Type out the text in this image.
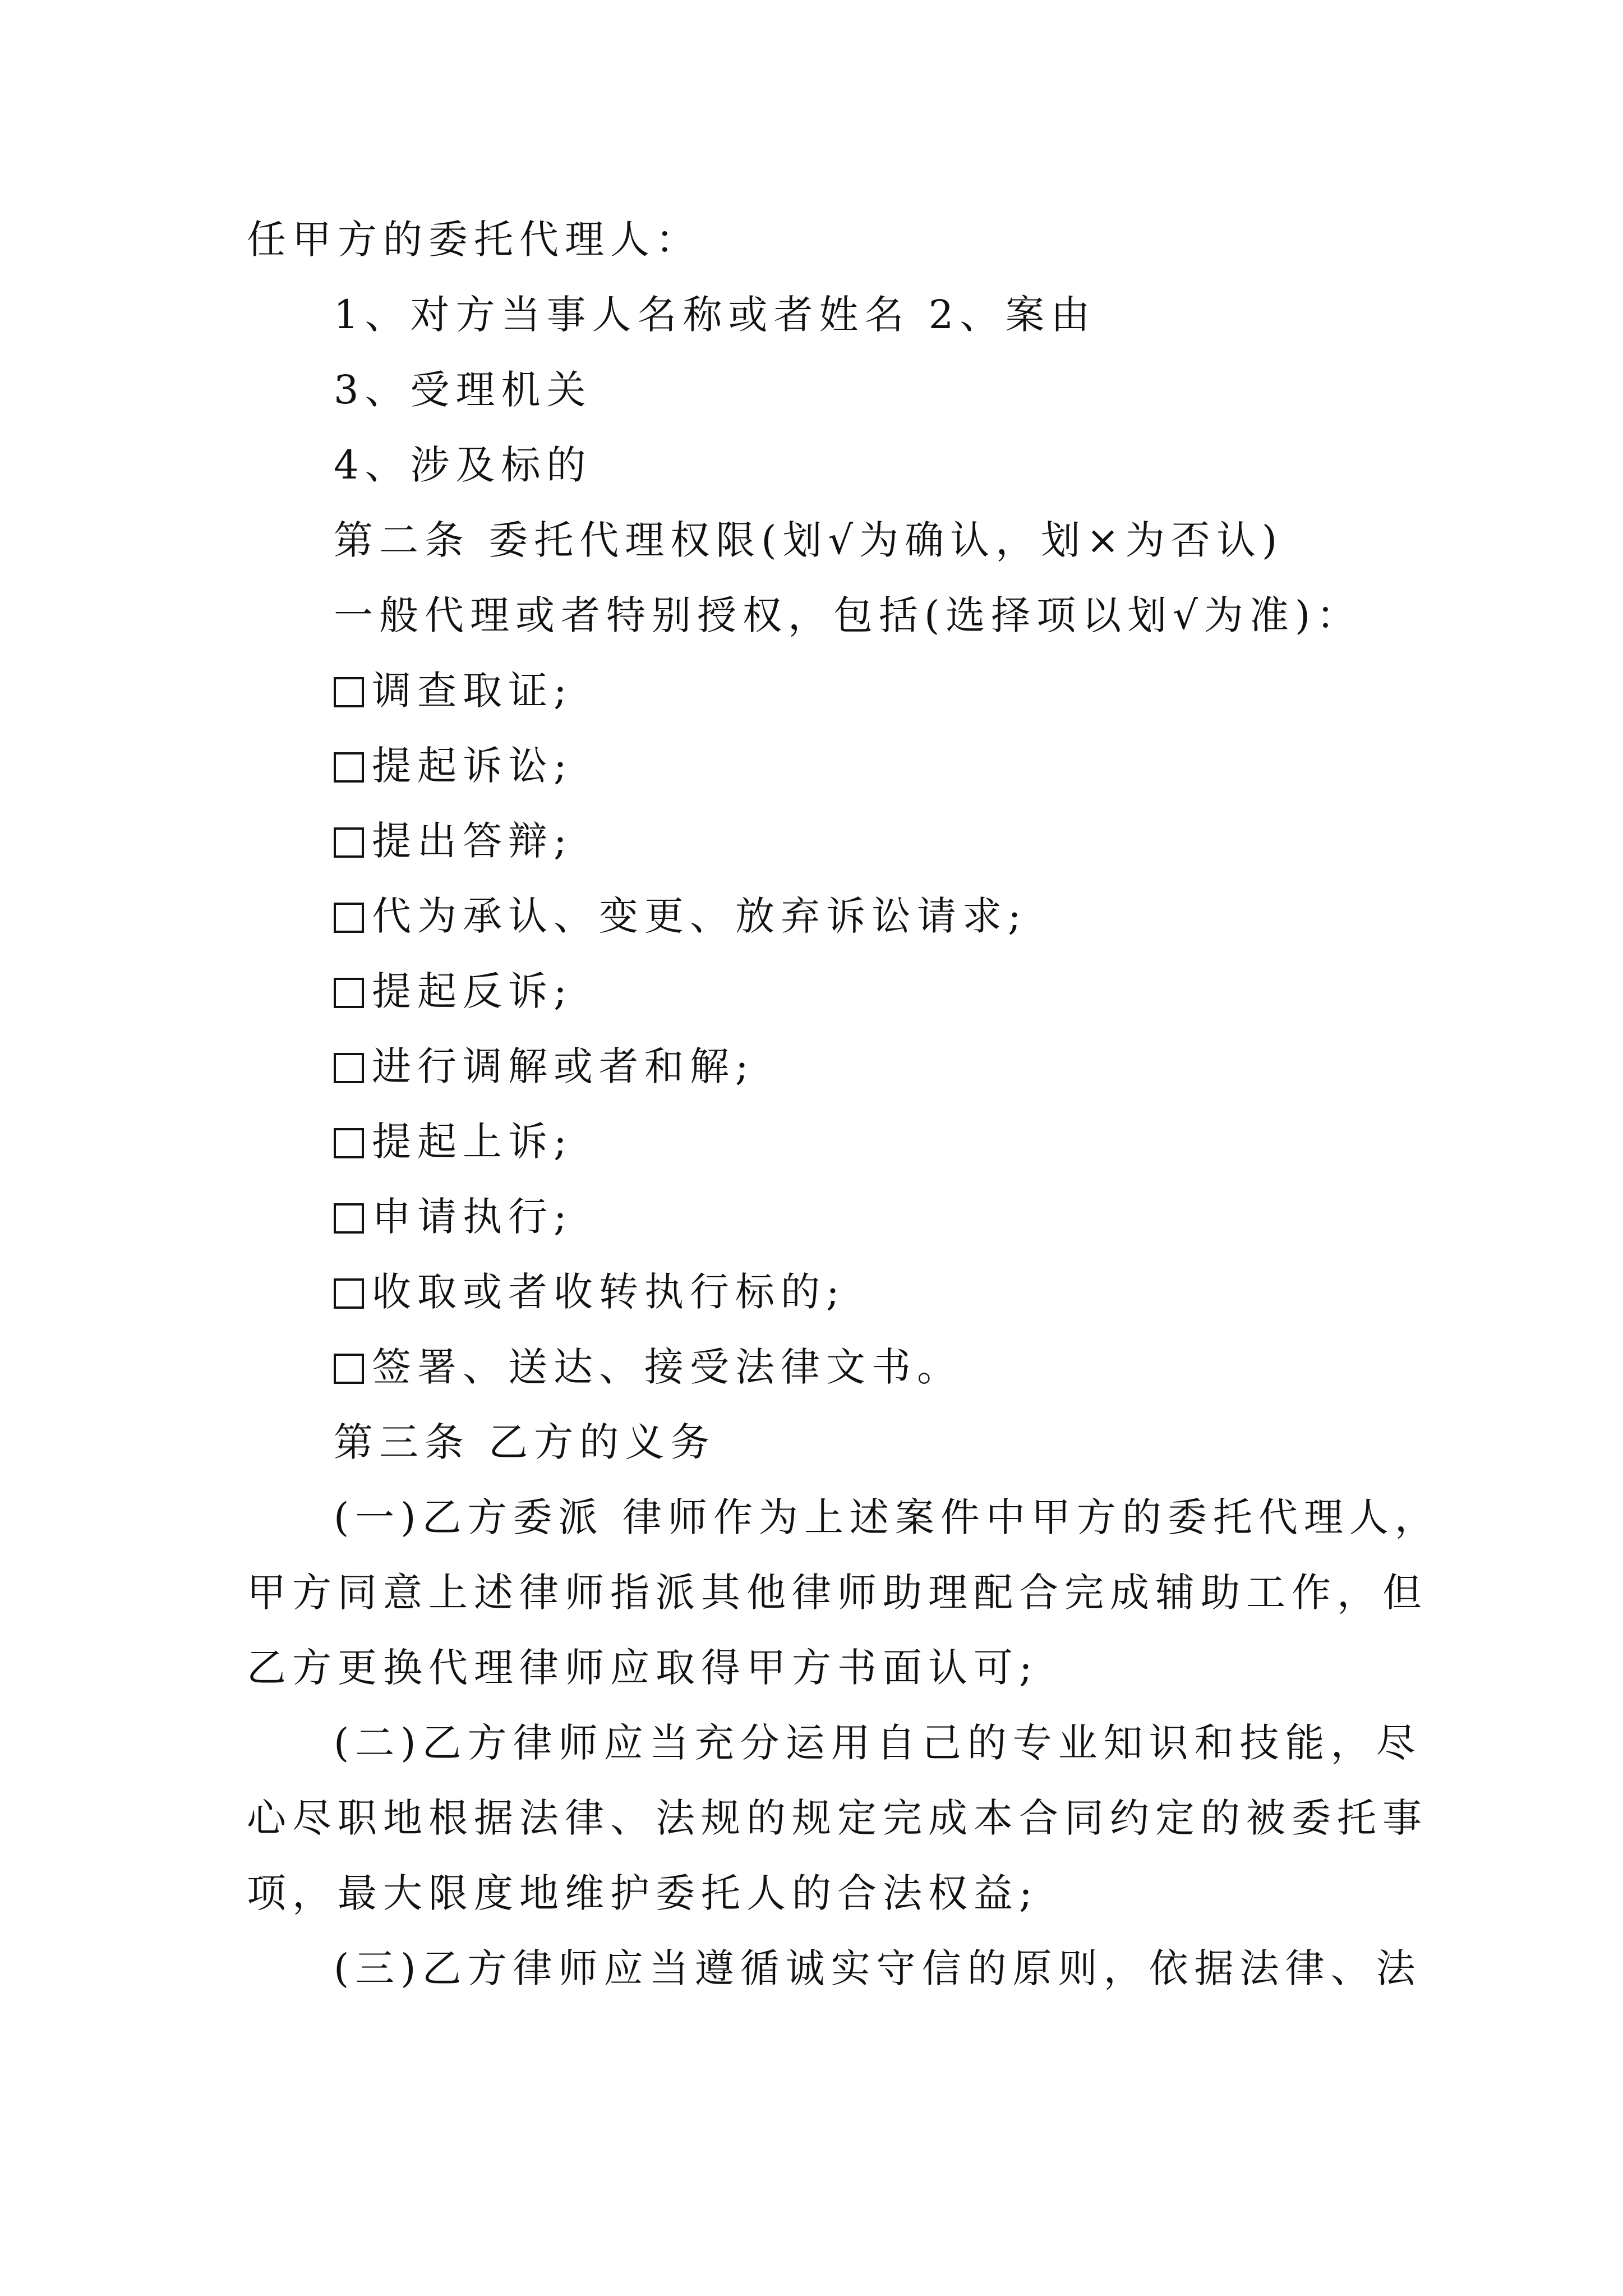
任甲方的委托代理人：
1、对方当事人名称或者姓名 2、案由
3、受理机关
4、涉及标的
第二条 委托代理权限(划√为确认，划×为否认)
一般代理或者特别授权，包括(选择项以划√为准)：
调查取证;
提起诉讼;
提出答辩;
代为承认、变更、放弃诉讼请求;
提起反诉;
进行调解或者和解;
提起上诉;
申请执行;
收取或者收转执行标的;
签署、送达、接受法律文书。
第三条 乙方的义务
(一)乙方委派 律师作为上述案件中甲方的委托代理人，
甲方同意上述律师指派其他律师助理配合完成辅助工作，但
乙方更换代理律师应取得甲方书面认可;
(二)乙方律师应当充分运用自己的专业知识和技能，尽
心尽职地根据法律、法规的规定完成本合同约定的被委托事
项，最大限度地维护委托人的合法权益;
(三)乙方律师应当遵循诚实守信的原则，依据法律、法
